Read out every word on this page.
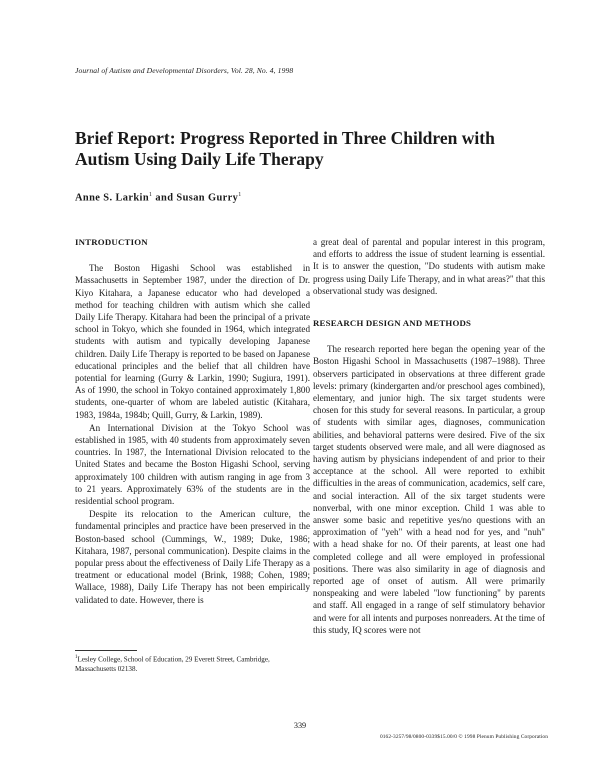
Journal of Autism and Developmental Disorders, Vol. 28, No. 4, 1998
Brief Report: Progress Reported in Three Children with Autism Using Daily Life Therapy
Anne S. Larkin$^1$ and Susan Gurry$^1$
INTRODUCTION

The Boston Higashi School was established in Massachusetts in September 1987, under the direction of Dr. Kiyo Kitahara, a Japanese educator who had developed a method for teaching children with autism which she called Daily Life Therapy. Kitahara had been the principal of a private school in Tokyo, which she founded in 1964, which integrated students with autism and typically developing Japanese children. Daily Life Therapy is reported to be based on Japanese educational principles and the belief that all children have potential for learning (Gurry & Larkin, 1990; Sugiura, 1991). As of 1990, the school in Tokyo contained approximately 1,800 students, one-quarter of whom are labeled autistic (Kitahara, 1983, 1984a, 1984b; Quill, Gurry, & Larkin, 1989).

An International Division at the Tokyo School was established in 1985, with 40 students from approximately seven countries. In 1987, the International Division relocated to the United States and became the Boston Higashi School, serving approximately 100 children with autism ranging in age from 3 to 21 years. Approximately 63% of the students are in the residential school program.

Despite its relocation to the American culture, the fundamental principles and practice have been preserved in the Boston-based school (Cummings, W., 1989; Duke, 1986; Kitahara, 1987, personal communication). Despite claims in the popular press about the effectiveness of Daily Life Therapy as a treatment or educational model (Brink, 1988; Cohen, 1989; Wallace, 1988), Daily Life Therapy has not been empirically validated to date. However, there is

a great deal of parental and popular interest in this program, and efforts to address the issue of student learning is essential. It is to answer the question, "Do students with autism make progress using Daily Life Therapy, and in what areas?" that this observational study was designed.

RESEARCH DESIGN AND METHODS

The research reported here began the opening year of the Boston Higashi School in Massachusetts (1987–1988). Three observers participated in observations at three different grade levels: primary (kindergarten and/or preschool ages combined), elementary, and junior high. The six target students were chosen for this study for several reasons. In particular, a group of students with similar ages, diagnoses, communication abilities, and behavioral patterns were desired. Five of the six target students observed were male, and all were diagnosed as having autism by physicians independent of and prior to their acceptance at the school. All were reported to exhibit difficulties in the areas of communication, academics, self care, and social interaction. All of the six target students were nonverbal, with one minor exception. Child 1 was able to answer some basic and repetitive yes/no questions with an approximation of "yeh" with a head nod for yes, and "nuh" with a head shake for no. Of their parents, at least one had completed college and all were employed in professional positions. There was also similarity in age of diagnosis and reported age of onset of autism. All were primarily nonspeaking and were labeled "low functioning" by parents and staff. All engaged in a range of self stimulatory behavior and were for all intents and purposes nonreaders. At the time of this study, IQ scores were not

$^1$Lesley College, School of Education, 29 Everett Street, Cambridge, Massachusetts 02138.
339
0162-3257/98/0800-0339$15.00/0 © 1998 Plenum Publishing Corporation
